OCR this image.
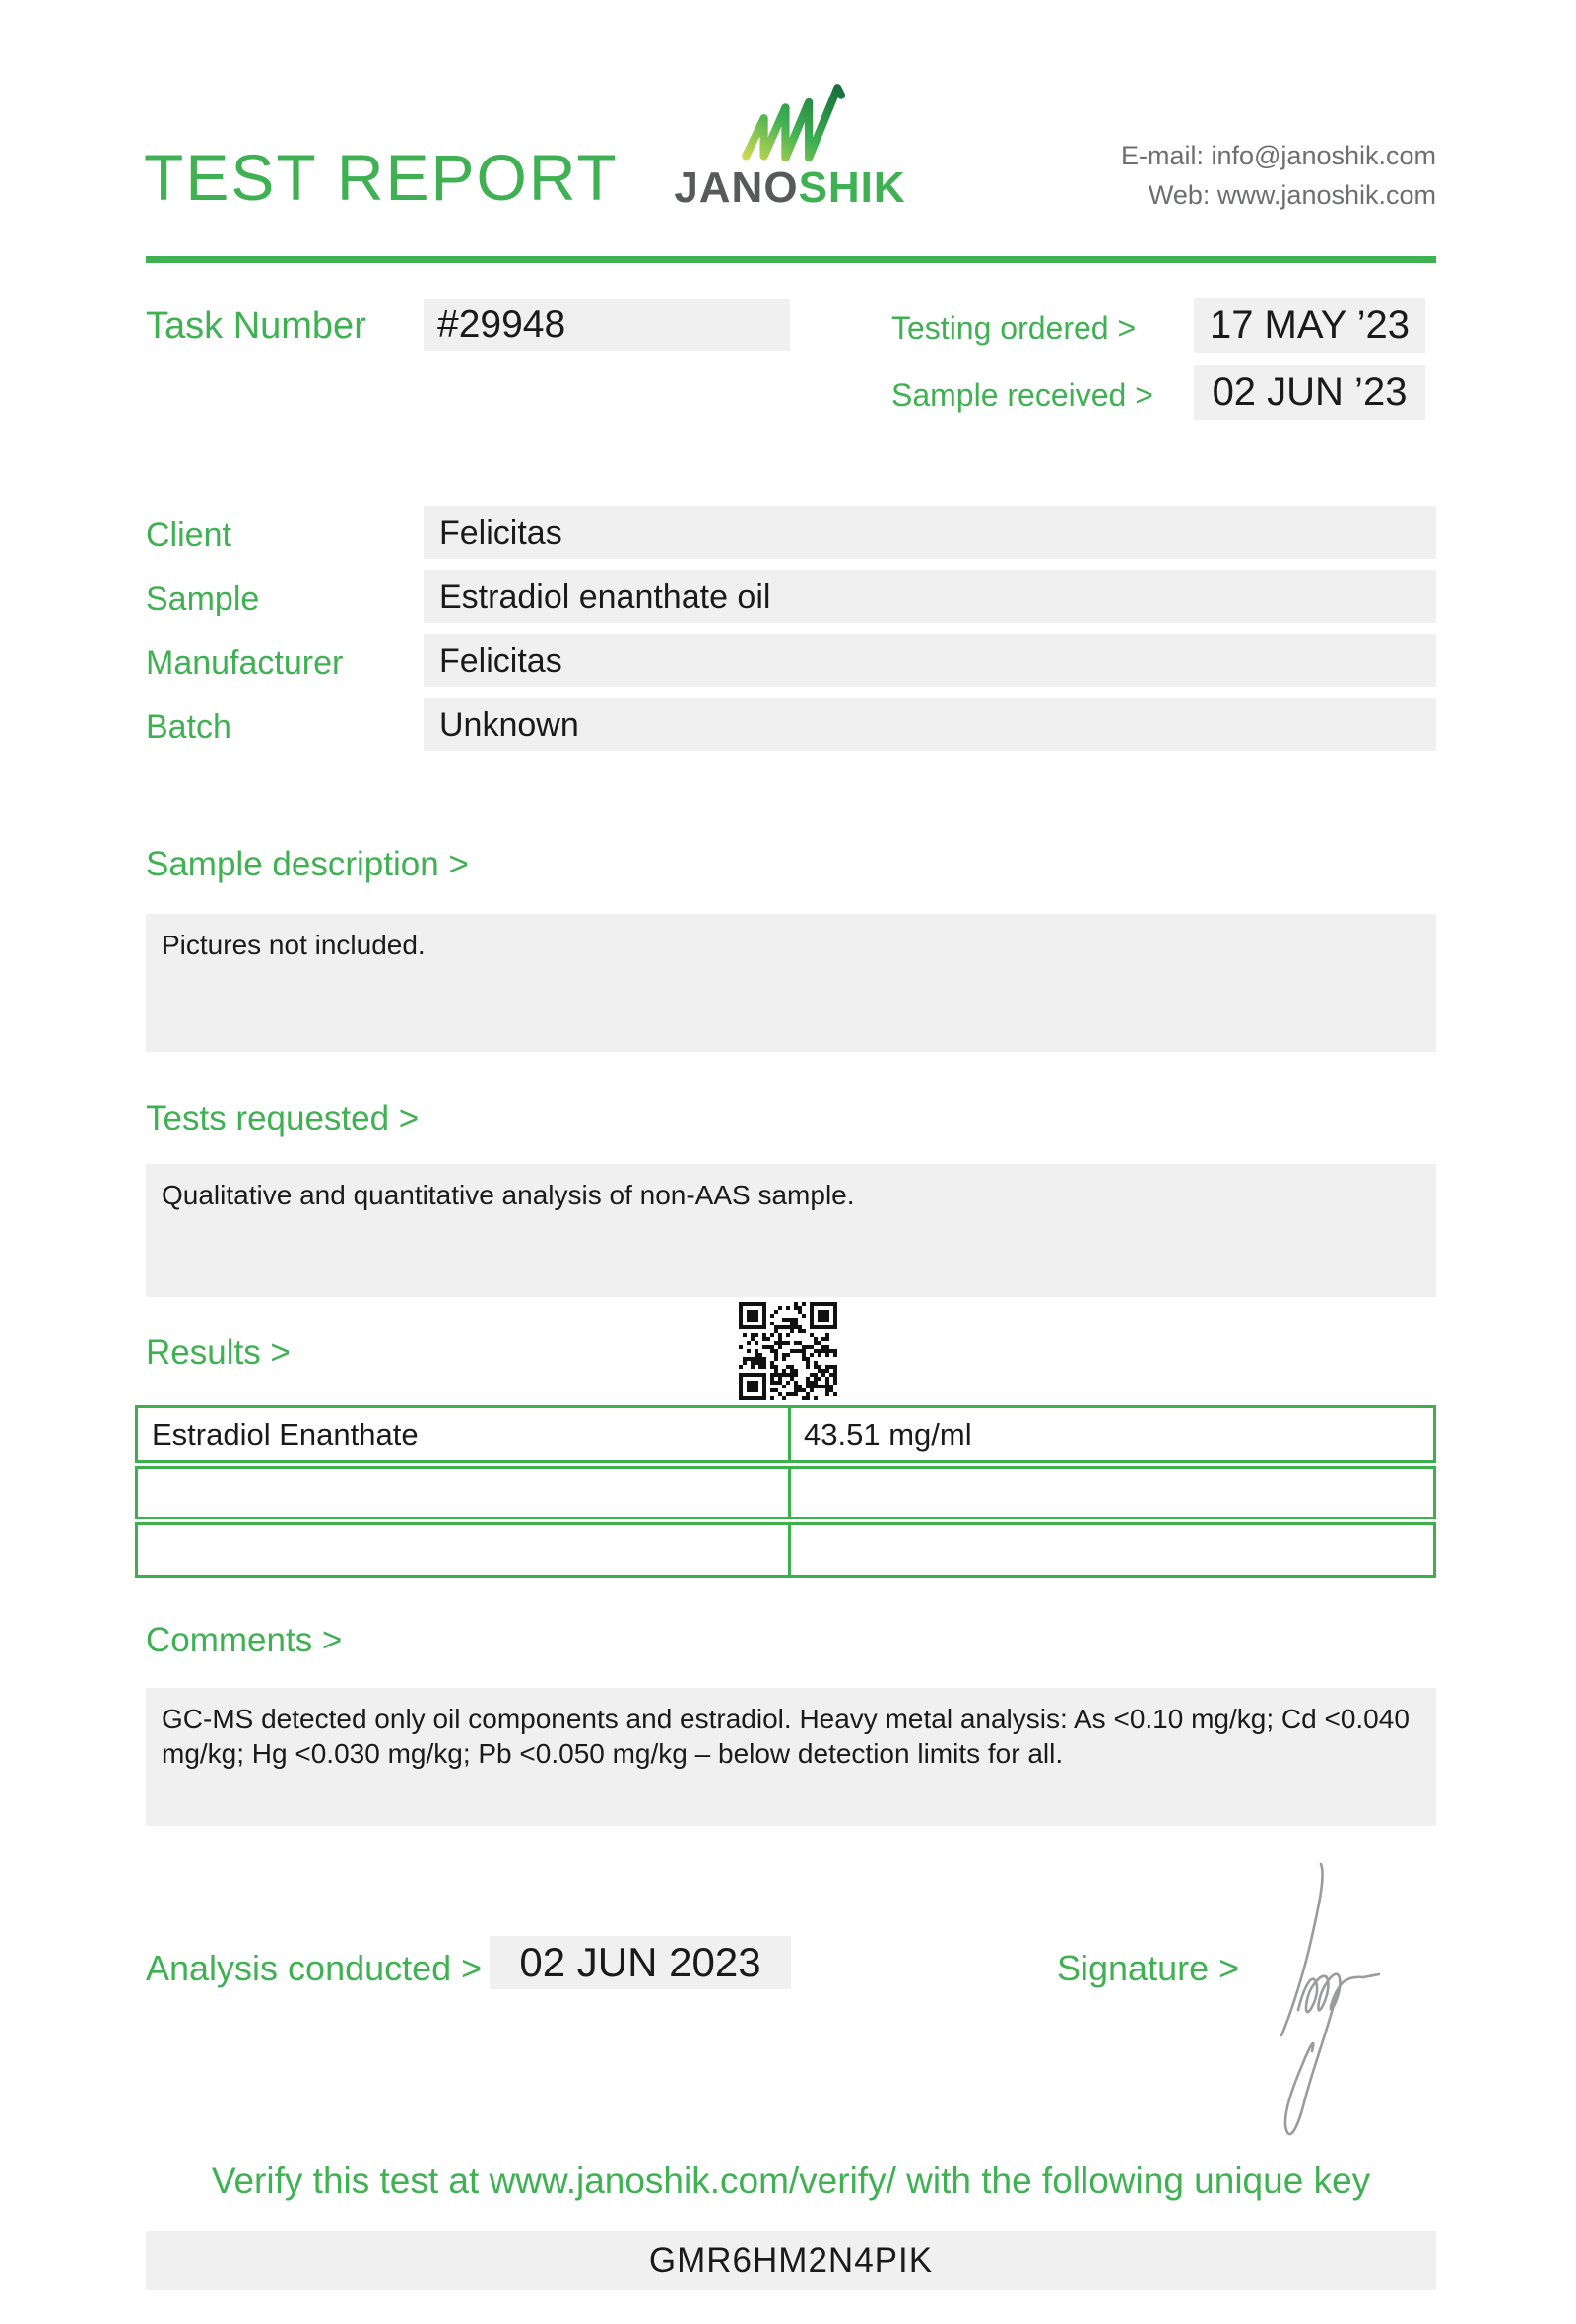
TEST REPORT JANOSHIK
E-mail: info@janoshik.com
Web: www.janoshik.com
Task Number	#29948	Testing ordered >	17 MAY ’23
Sample received >	02 JUN ’23
Client	Felicitas
Sample	Estradiol enanthate oil
Manufacturer	Felicitas
Batch	Unknown
Sample description >

Pictures not included.

Tests requested >

Qualitative and quantitative analysis of non-AAS sample.

Results >
Estradiol Enanthate	43.51 mg/ml
Comments >

GC-MS detected only oil components and estradiol. Heavy metal analysis: As <0.10 mg/kg; Cd <0.040 mg/kg; Hg <0.030 mg/kg; Pb <0.050 mg/kg – below detection limits for all.

Analysis conducted > 02 JUN 2023	Signature >
Verify this test at www.janoshik.com/verify/ with the following unique key
GMR6HM2N4PIK
